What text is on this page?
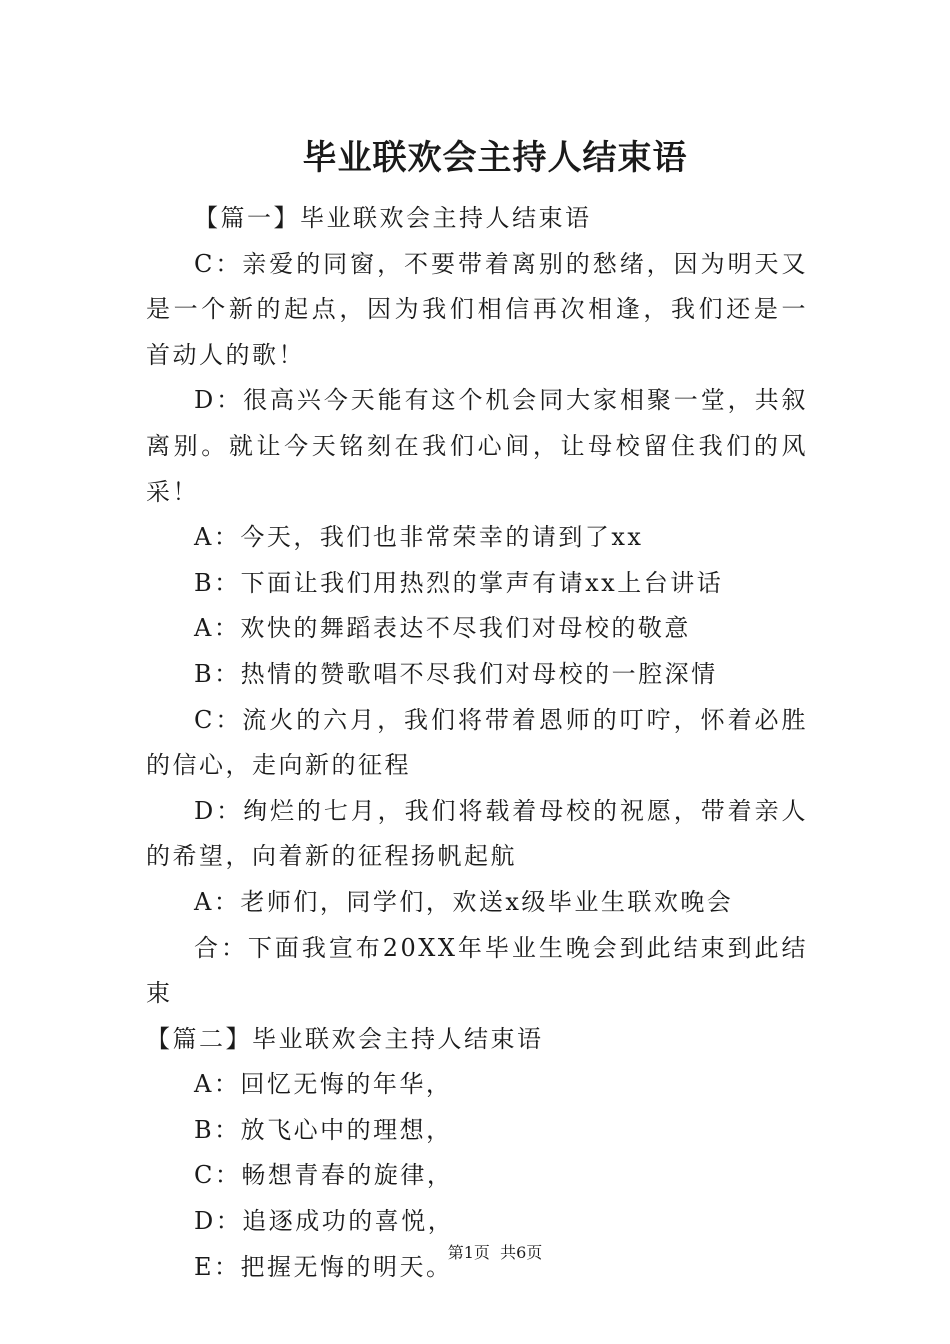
毕业联欢会主持人结束语

【篇一】毕业联欢会主持人结束语

C：亲爱的同窗，不要带着离别的愁绪，因为明天又是一个新的起点，因为我们相信再次相逢，我们还是一首动人的歌！

D：很高兴今天能有这个机会同大家相聚一堂，共叙离别。就让今天铭刻在我们心间，让母校留住我们的风采！

A：今天，我们也非常荣幸的请到了xx

B：下面让我们用热烈的掌声有请xx上台讲话

A：欢快的舞蹈表达不尽我们对母校的敬意

B：热情的赞歌唱不尽我们对母校的一腔深情

C：流火的六月，我们将带着恩师的叮咛，怀着必胜的信心，走向新的征程

D：绚烂的七月，我们将载着母校的祝愿，带着亲人的希望，向着新的征程扬帆起航

A：老师们，同学们，欢送x级毕业生联欢晚会

合：下面我宣布20XX年毕业生晚会到此结束到此结束

【篇二】毕业联欢会主持人结束语

A：回忆无悔的年华，

B：放飞心中的理想，

C：畅想青春的旋律，

D：追逐成功的喜悦，

E：把握无悔的明天。

第1页  共6页
